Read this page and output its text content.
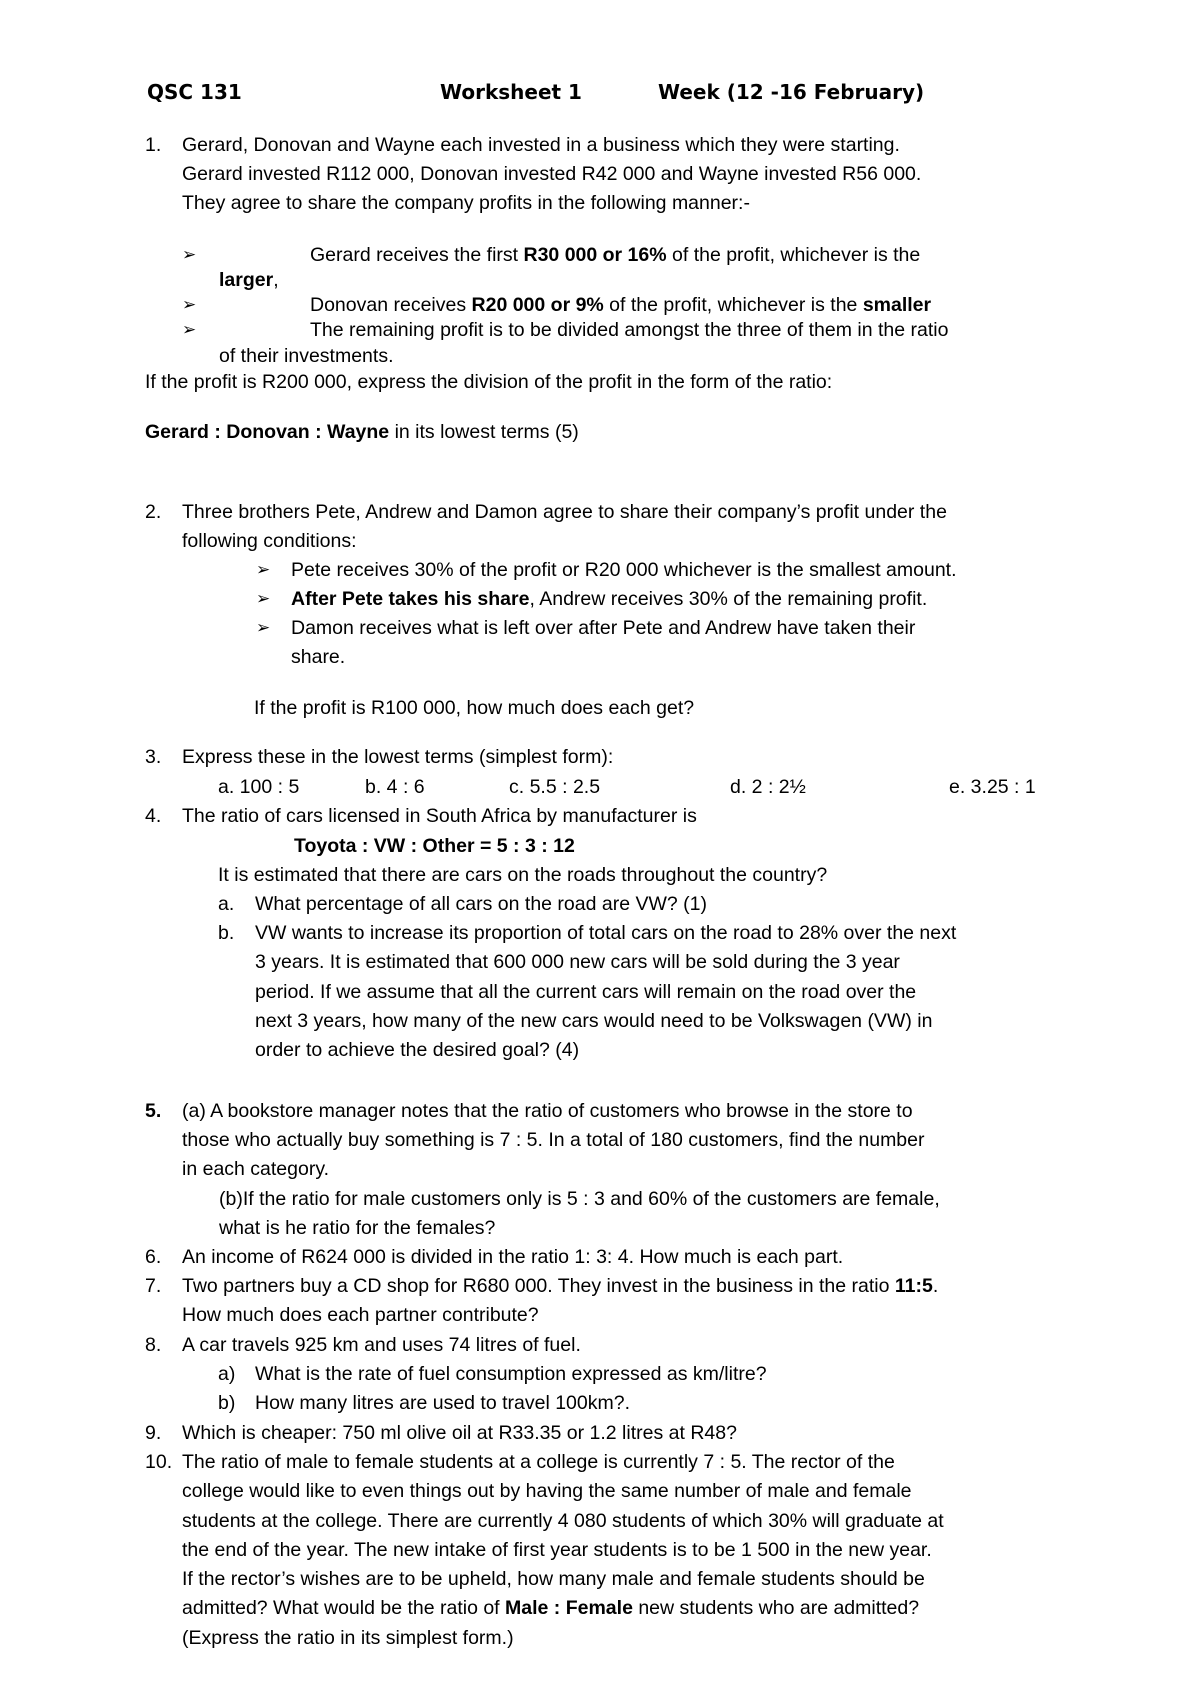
QSC 131	Worksheet 1	Week (12 -16 February)
1. Gerard, Donovan and Wayne each invested in a business which they were starting.
Gerard invested R112 000, Donovan invested R42 000 and Wayne invested R56 000.
They agree to share the company profits in the following manner:-
➢	Gerard receives the first R30 000 or 16% of the profit, whichever is the
larger,
➢	Donovan receives R20 000 or 9% of the profit, whichever is the smaller
➢	The remaining profit is to be divided amongst the three of them in the ratio
of their investments.
If the profit is R200 000, express the division of the profit in the form of the ratio:
Gerard : Donovan : Wayne in its lowest terms (5)
2. Three brothers Pete, Andrew and Damon agree to share their company’s profit under the
following conditions:
➢ Pete receives 30% of the profit or R20 000 whichever is the smallest amount.
➢ After Pete takes his share, Andrew receives 30% of the remaining profit.
➢ Damon receives what is left over after Pete and Andrew have taken their
share.
If the profit is R100 000, how much does each get?
3. Express these in the lowest terms (simplest form):
a. 100 : 5	b. 4 : 6	c. 5.5 : 2.5	d. 2 : 2½	e. 3.25 : 1
4. The ratio of cars licensed in South Africa by manufacturer is
Toyota : VW : Other = 5 : 3 : 12
It is estimated that there are cars on the roads throughout the country?
a. What percentage of all cars on the road are VW? (1)
b. VW wants to increase its proportion of total cars on the road to 28% over the next
3 years. It is estimated that 600 000 new cars will be sold during the 3 year
period. If we assume that all the current cars will remain on the road over the
next 3 years, how many of the new cars would need to be Volkswagen (VW) in
order to achieve the desired goal? (4)
5. (a) A bookstore manager notes that the ratio of customers who browse in the store to
those who actually buy something is 7 : 5. In a total of 180 customers, find the number
in each category.
(b)If the ratio for male customers only is 5 : 3 and 60% of the customers are female,
what is he ratio for the females?
6. An income of R624 000 is divided in the ratio 1: 3: 4. How much is each part.
7. Two partners buy a CD shop for R680 000. They invest in the business in the ratio 11:5.
How much does each partner contribute?
8. A car travels 925 km and uses 74 litres of fuel.
a) What is the rate of fuel consumption expressed as km/litre?
b) How many litres are used to travel 100km?.
9. Which is cheaper: 750 ml olive oil at R33.35 or 1.2 litres at R48?
10. The ratio of male to female students at a college is currently 7 : 5. The rector of the
college would like to even things out by having the same number of male and female
students at the college. There are currently 4 080 students of which 30% will graduate at
the end of the year. The new intake of first year students is to be 1 500 in the new year.
If the rector’s wishes are to be upheld, how many male and female students should be
admitted? What would be the ratio of Male : Female new students who are admitted?
(Express the ratio in its simplest form.)
